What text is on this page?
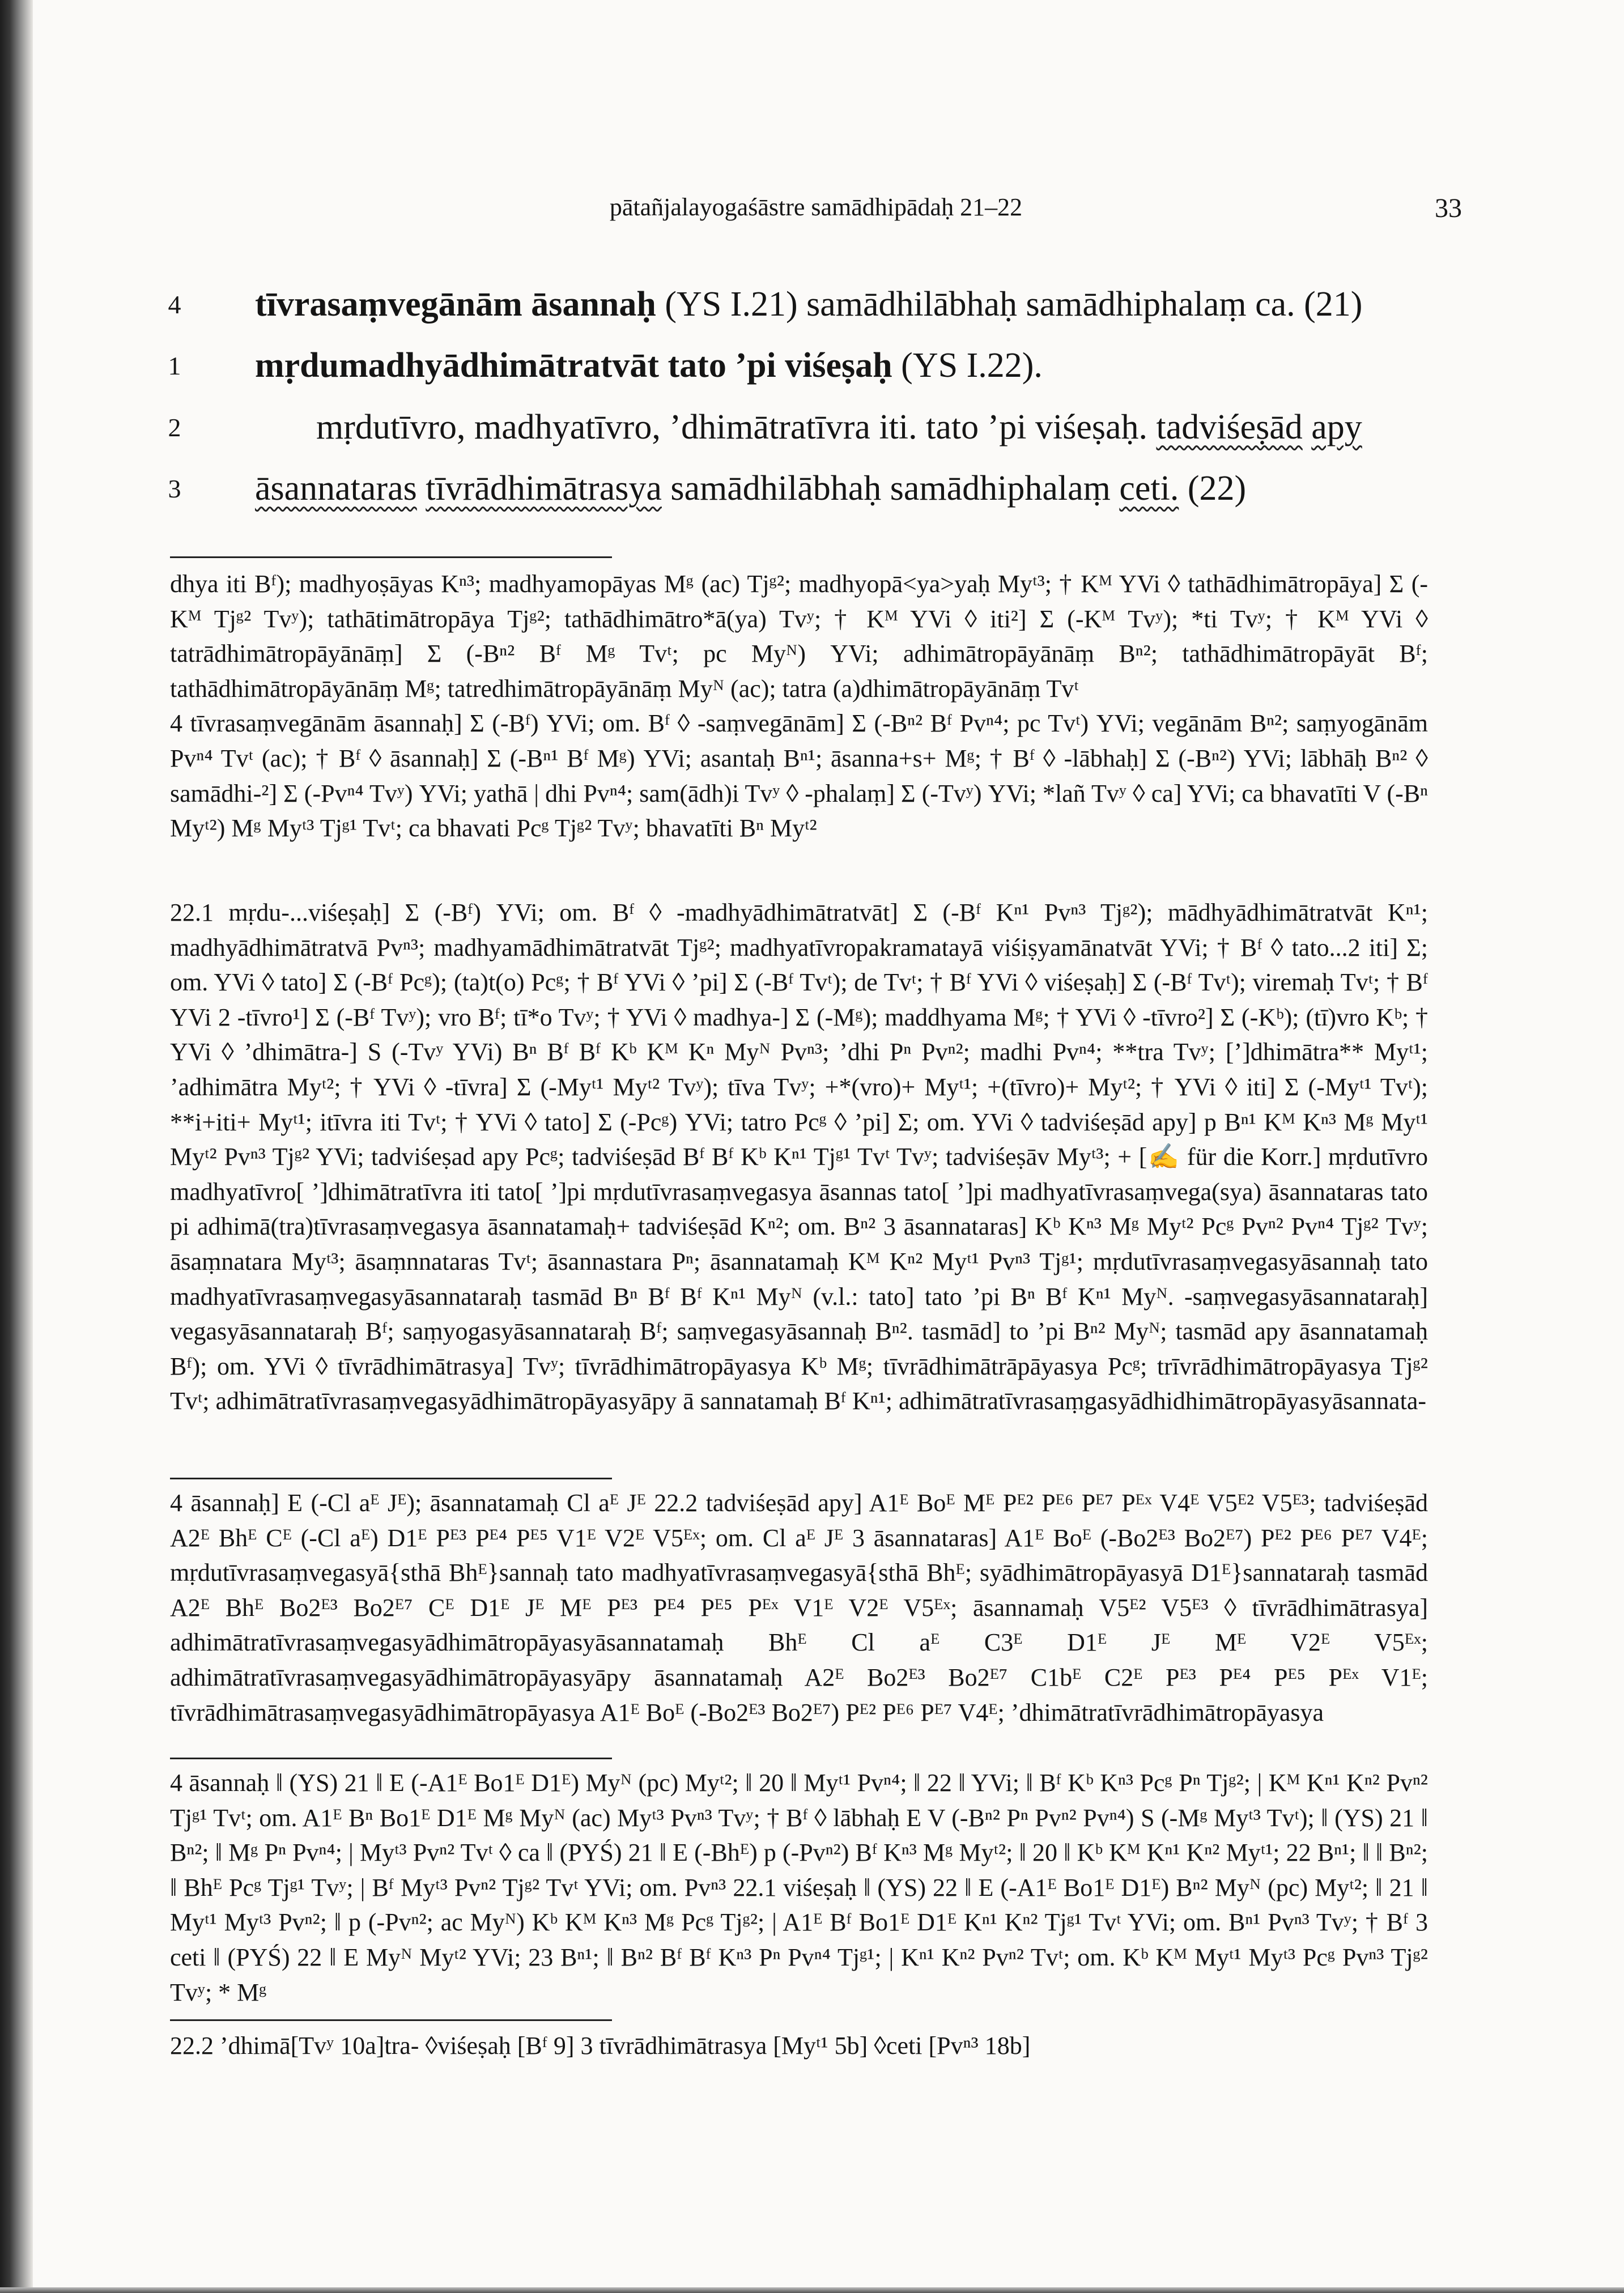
pātañjalayogaśāstre samādhipādaḥ 21–22	33
4 tīvrasaṃvegānām āsannaḥ (YS I.21) samādhilābhaḥ samādhiphalaṃ ca. (21)
1 mṛdumadhyādhimātratvāt tato ’pi viśeṣaḥ (YS I.22).
2	mṛdutīvro, madhyatīvro, ’dhimātratīvra iti. tato ’pi viśeṣaḥ. tadviśeṣād apy
3 āsannataras tīvrādhimātrasya samādhilābhaḥ samādhiphalaṃ ceti. (22)

dhya iti Bᶠ); madhyoṣāyas Kⁿ³; madhyamopāyas Mᵍ (ac) Tjᵍ²; madhyopā<ya>yaḥ Myᵗ³; † Kᴹ YVi ◊ tathādhimātropāya] Σ (-Kᴹ Tjᵍ² Tvʸ); tathātimātropāya Tjᵍ²; tathādhimātro*ā(ya) Tvʸ; † Kᴹ YVi ◊ iti²] Σ (-Kᴹ Tvʸ); *ti Tvʸ; † Kᴹ YVi ◊ tatrādhimātropāyānāṃ] Σ (-Bⁿ² Bᶠ Mᵍ Tvᵗ; pc Myᴺ) YVi; adhimātropāyānāṃ Bⁿ²; tathādhimātropāyāt Bᶠ; tathādhimātropāyānāṃ Mᵍ; tatredhimātropāyānāṃ Myᴺ (ac); tatra (a)dhimātropāyānāṃ Tvᵗ
4 tīvrasaṃvegānām āsannaḥ] Σ (-Bᶠ) YVi; om. Bᶠ ◊ -saṃvegānām] Σ (-Bⁿ² Bᶠ Pvⁿ⁴; pc Tvᵗ) YVi; vegānām Bⁿ²; saṃyogānām Pvⁿ⁴ Tvᵗ (ac); † Bᶠ ◊ āsannaḥ] Σ (-Bⁿ¹ Bᶠ Mᵍ) YVi; asantaḥ Bⁿ¹; āsanna+s+ Mᵍ; † Bᶠ ◊ -lābhaḥ] Σ (-Bⁿ²) YVi; lābhāḥ Bⁿ² ◊ samādhi-²] Σ (-Pvⁿ⁴ Tvʸ) YVi; yathā | dhi Pvⁿ⁴; sam(ādh)i Tvʸ ◊ -phalaṃ] Σ (-Tvʸ) YVi; *lañ Tvʸ ◊ ca] YVi; ca bhavatīti V (-Bⁿ Myᵗ²) Mᵍ Myᵗ³ Tjᵍ¹ Tvᵗ; ca bhavati Pcᵍ Tjᵍ² Tvʸ; bhavatīti Bⁿ Myᵗ²

22.1 mṛdu-...viśeṣaḥ] Σ (-Bᶠ) YVi; om. Bᶠ ◊ -madhyādhimātratvāt] Σ (-Bᶠ Kⁿ¹ Pvⁿ³ Tjᵍ²); mādhyādhimātratvāt Kⁿ¹; madhyādhimātratvā Pvⁿ³; madhyamādhimātratvāt Tjᵍ²; madhyatīvropakramatayā viśiṣyamānatvāt YVi; † Bᶠ ◊ tato...2 iti] Σ; om. YVi ◊ tato] Σ (-Bᶠ Pcᵍ); (ta)t(o) Pcᵍ; † Bᶠ YVi ◊ ’pi] Σ (-Bᶠ Tvᵗ); de Tvᵗ; † Bᶠ YVi ◊ viśeṣaḥ] Σ (-Bᶠ Tvᵗ); viremaḥ Tvᵗ; † Bᶠ YVi 2 -tīvro¹] Σ (-Bᶠ Tvʸ); vro Bᶠ; tī*o Tvʸ; † YVi ◊ madhya-] Σ (-Mᵍ); maddhyama Mᵍ; † YVi ◊ -tīvro²] Σ (-Kᵇ); (tī)vro Kᵇ; † YVi ◊ ’dhimātra-] S (-Tvʸ YVi) Bⁿ Bᶠ Bᶠ Kᵇ Kᴹ Kⁿ Myᴺ Pvⁿ³; ’dhi Pⁿ Pvⁿ²; madhi Pvⁿ⁴; **tra Tvʸ; [’]dhimātra** Myᵗ¹; ’adhimātra Myᵗ²; † YVi ◊ -tīvra] Σ (-Myᵗ¹ Myᵗ² Tvʸ); tīva Tvʸ; +*(vro)+ Myᵗ¹; +(tīvro)+ Myᵗ²; † YVi ◊ iti] Σ (-Myᵗ¹ Tvᵗ); **i+iti+ Myᵗ¹; itīvra iti Tvᵗ; † YVi ◊ tato] Σ (-Pcᵍ) YVi; tatro Pcᵍ ◊ ’pi] Σ; om. YVi ◊ tadviśeṣād apy] p Bⁿ¹ Kᴹ Kⁿ³ Mᵍ Myᵗ¹ Myᵗ² Pvⁿ³ Tjᵍ² YVi; tadviśeṣad apy Pcᵍ; tadviśeṣād Bᶠ Bᶠ Kᵇ Kⁿ¹ Tjᵍ¹ Tvᵗ Tvʸ; tadviśeṣāv Myᵗ³; + [✍ für die Korr.] mṛdutīvro madhyatīvro[ ’]dhimātratīvra iti tato[ ’]pi mṛdutīvrasaṃvegasya āsannas tato[ ’]pi madhyatīvrasaṃvega(sya) āsannataras tato pi adhimā(tra)tīvrasaṃvegasya āsannatamaḥ+ tadviśeṣād Kⁿ²; om. Bⁿ² 3 āsannataras] Kᵇ Kⁿ³ Mᵍ Myᵗ² Pcᵍ Pvⁿ² Pvⁿ⁴ Tjᵍ² Tvʸ; āsaṃnatara Myᵗ³; āsaṃnnataras Tvᵗ; āsannastara Pⁿ; āsannatamaḥ Kᴹ Kⁿ² Myᵗ¹ Pvⁿ³ Tjᵍ¹; mṛdutīvrasaṃvegasyāsannaḥ tato madhyatīvrasaṃvegasyāsannataraḥ tasmād Bⁿ Bᶠ Bᶠ Kⁿ¹ Myᴺ (v.l.: tato] tato ’pi Bⁿ Bᶠ Kⁿ¹ Myᴺ. -saṃvegasyāsannataraḥ] vegasyāsannataraḥ Bᶠ; saṃyogasyāsannataraḥ Bᶠ; saṃvegasyāsannaḥ Bⁿ². tasmād] to ’pi Bⁿ² Myᴺ; tasmād apy āsannatamaḥ Bᶠ); om. YVi ◊ tīvrādhimātrasya] Tvʸ; tīvrādhimātropāyasya Kᵇ Mᵍ; tīvrādhimātrāpāyasya Pcᵍ; trīvrādhimātropāyasya Tjᵍ² Tvᵗ; adhimātratīvrasaṃvegasyādhimātropāyasyāpy ā sannatamaḥ Bᶠ Kⁿ¹; adhimātratīvrasaṃgasyādhidhimātropāyasyāsannata-

4 āsannaḥ] E (-Cl aᴱ Jᴱ); āsannatamaḥ Cl aᴱ Jᴱ 22.2 tadviśeṣād apy] A1ᴱ Boᴱ Mᴱ Pᴱ² Pᴱ⁶ Pᴱ⁷ Pᴱˣ V4ᴱ V5ᴱ² V5ᴱ³; tadviśeṣād A2ᴱ Bhᴱ Cᴱ (-Cl aᴱ) D1ᴱ Pᴱ³ Pᴱ⁴ Pᴱ⁵ V1ᴱ V2ᴱ V5ᴱˣ; om. Cl aᴱ Jᴱ 3 āsannataras] A1ᴱ Boᴱ (-Bo2ᴱ³ Bo2ᴱ⁷) Pᴱ² Pᴱ⁶ Pᴱ⁷ V4ᴱ; mṛdutīvrasaṃvegasyā{sthā Bhᴱ}sannaḥ tato madhyatīvrasaṃvegasyā{sthā Bhᴱ; syādhimātropāyasyā D1ᴱ}sannataraḥ tasmād A2ᴱ Bhᴱ Bo2ᴱ³ Bo2ᴱ⁷ Cᴱ D1ᴱ Jᴱ Mᴱ Pᴱ³ Pᴱ⁴ Pᴱ⁵ Pᴱˣ V1ᴱ V2ᴱ V5ᴱˣ; āsannamaḥ V5ᴱ² V5ᴱ³ ◊ tīvrādhimātrasya] adhimātratīvrasaṃvegasyādhimātropāyasyāsannatamaḥ Bhᴱ Cl aᴱ C3ᴱ D1ᴱ Jᴱ Mᴱ V2ᴱ V5ᴱˣ; adhimātratīvrasaṃvegasyādhimātropāyasyāpy āsannatamaḥ A2ᴱ Bo2ᴱ³ Bo2ᴱ⁷ C1bᴱ C2ᴱ Pᴱ³ Pᴱ⁴ Pᴱ⁵ Pᴱˣ V1ᴱ; tīvrādhimātrasaṃvegasyādhimātropāyasya A1ᴱ Boᴱ (-Bo2ᴱ³ Bo2ᴱ⁷) Pᴱ² Pᴱ⁶ Pᴱ⁷ V4ᴱ; ’dhimātratīvrādhimātropāyasya

4 āsannaḥ ‖ (YS) 21 ‖ E (-A1ᴱ Bo1ᴱ D1ᴱ) Myᴺ (pc) Myᵗ²; ‖ 20 ‖ Myᵗ¹ Pvⁿ⁴; ‖ 22 ‖ YVi; ‖ Bᶠ Kᵇ Kⁿ³ Pcᵍ Pⁿ Tjᵍ²; | Kᴹ Kⁿ¹ Kⁿ² Pvⁿ² Tjᵍ¹ Tvᵗ; om. A1ᴱ Bⁿ Bo1ᴱ D1ᴱ Mᵍ Myᴺ (ac) Myᵗ³ Pvⁿ³ Tvʸ; † Bᶠ ◊ lābhaḥ E V (-Bⁿ² Pⁿ Pvⁿ² Pvⁿ⁴) S (-Mᵍ Myᵗ³ Tvᵗ); ‖ (YS) 21 ‖ Bⁿ²; ‖ Mᵍ Pⁿ Pvⁿ⁴; | Myᵗ³ Pvⁿ² Tvᵗ ◊ ca ‖ (PYŚ) 21 ‖ E (-Bhᴱ) p (-Pvⁿ²) Bᶠ Kⁿ³ Mᵍ Myᵗ²; ‖ 20 ‖ Kᵇ Kᴹ Kⁿ¹ Kⁿ² Myᵗ¹; 22 Bⁿ¹; ‖ ‖ Bⁿ²; ‖ Bhᴱ Pcᵍ Tjᵍ¹ Tvʸ; | Bᶠ Myᵗ³ Pvⁿ² Tjᵍ² Tvᵗ YVi; om. Pvⁿ³ 22.1 viśeṣaḥ ‖ (YS) 22 ‖ E (-A1ᴱ Bo1ᴱ D1ᴱ) Bⁿ² Myᴺ (pc) Myᵗ²; ‖ 21 ‖ Myᵗ¹ Myᵗ³ Pvⁿ²; ‖ p (-Pvⁿ²; ac Myᴺ) Kᵇ Kᴹ Kⁿ³ Mᵍ Pcᵍ Tjᵍ²; | A1ᴱ Bᶠ Bo1ᴱ D1ᴱ Kⁿ¹ Kⁿ² Tjᵍ¹ Tvᵗ YVi; om. Bⁿ¹ Pvⁿ³ Tvʸ; † Bᶠ 3 ceti ‖ (PYŚ) 22 ‖ E Myᴺ Myᵗ² YVi; 23 Bⁿ¹; ‖ Bⁿ² Bᶠ Bᶠ Kⁿ³ Pⁿ Pvⁿ⁴ Tjᵍ¹; | Kⁿ¹ Kⁿ² Pvⁿ² Tvᵗ; om. Kᵇ Kᴹ Myᵗ¹ Myᵗ³ Pcᵍ Pvⁿ³ Tjᵍ² Tvʸ; * Mᵍ

22.2 ’dhimā[Tvʸ 10a]tra- ◊viśeṣaḥ [Bᶠ 9] 3 tīvrādhimātrasya [Myᵗ¹ 5b] ◊ceti [Pvⁿ³ 18b]
